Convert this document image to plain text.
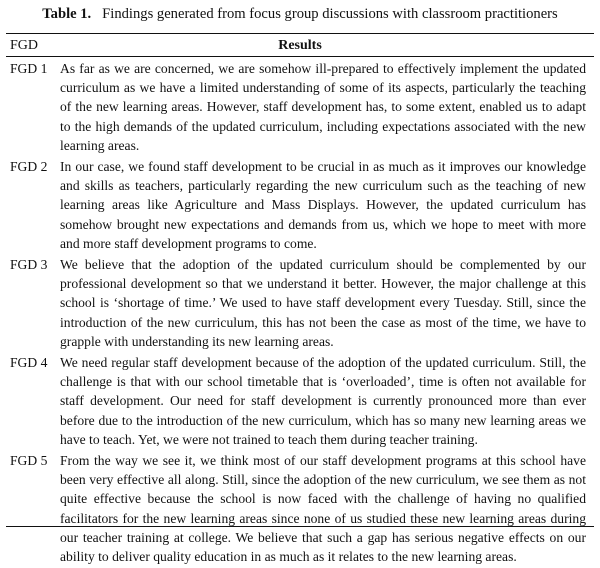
Table 1. Findings generated from focus group discussions with classroom practitioners
FGD	Results
FGD 1 As far as we are concerned, we are somehow ill-prepared to effectively implement the updated curriculum as we have a limited understanding of some of its aspects, particularly the teaching of the new learning areas. However, staff development has, to some extent, enabled us to adapt to the high demands of the updated curriculum, including expectations associated with the new learning areas.
FGD 2 In our case, we found staff development to be crucial in as much as it improves our knowledge and skills as teachers, particularly regarding the new curriculum such as the teaching of new learning areas like Agriculture and Mass Displays. However, the updated curriculum has somehow brought new expectations and demands from us, which we hope to meet with more and more staff development programs to come.
FGD 3 We believe that the adoption of the updated curriculum should be complemented by our professional development so that we understand it better. However, the major challenge at this school is ‘shortage of time.’ We used to have staff development every Tuesday. Still, since the introduction of the new curriculum, this has not been the case as most of the time, we have to grapple with understanding its new learning areas.
FGD 4 We need regular staff development because of the adoption of the updated curriculum. Still, the challenge is that with our school timetable that is ‘overloaded’, time is often not available for staff development. Our need for staff development is currently pronounced more than ever before due to the introduction of the new curriculum, which has so many new learning areas we have to teach. Yet, we were not trained to teach them during teacher training.
FGD 5 From the way we see it, we think most of our staff development programs at this school have been very effective all along. Still, since the adoption of the new curriculum, we see them as not quite effective because the school is now faced with the challenge of having no qualified facilitators for the new learning areas since none of us studied these new learning areas during our teacher training at college. We believe that such a gap has serious negative effects on our ability to deliver quality education in as much as it relates to the new learning areas.
